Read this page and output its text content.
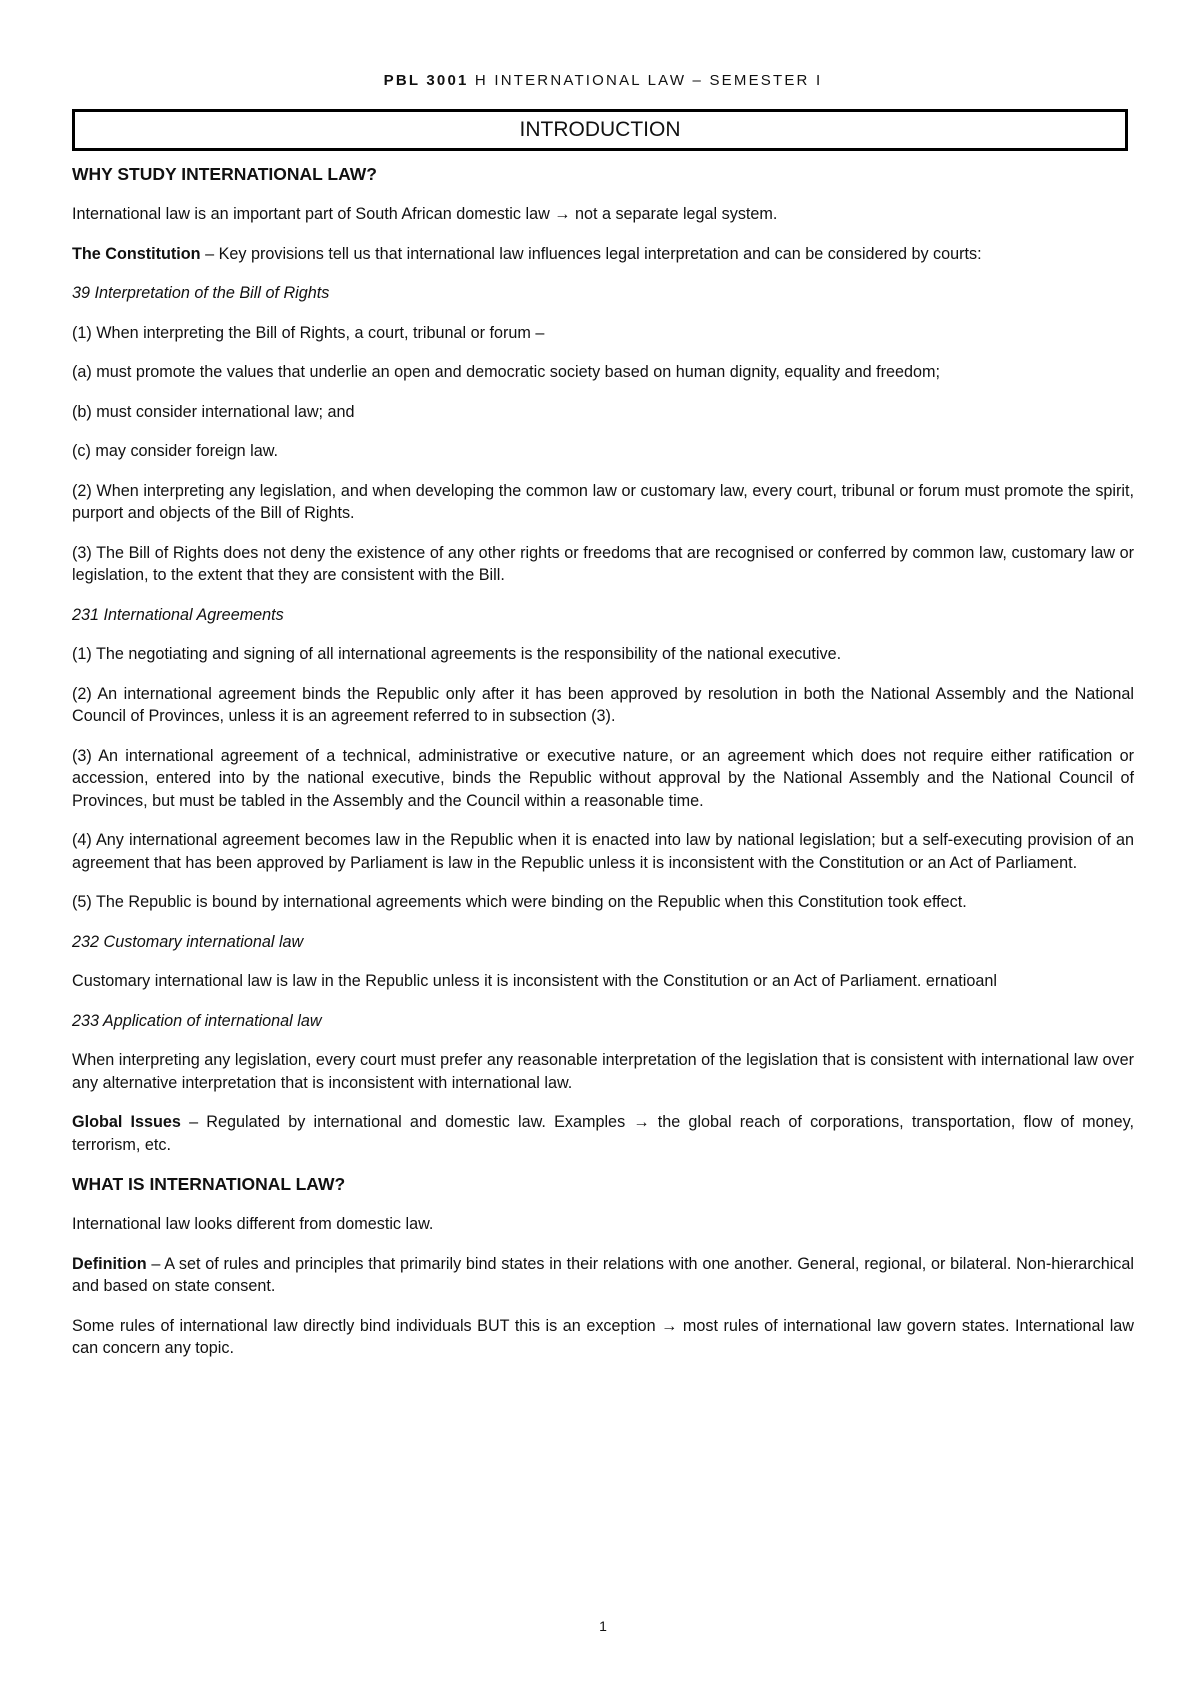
PBL 3001 H INTERNATIONAL LAW – SEMESTER I
INTRODUCTION
WHY STUDY INTERNATIONAL LAW?

International law is an important part of South African domestic law → not a separate legal system.

The Constitution – Key provisions tell us that international law influences legal interpretation and can be considered by courts:

39 Interpretation of the Bill of Rights

(1) When interpreting the Bill of Rights, a court, tribunal or forum –

(a) must promote the values that underlie an open and democratic society based on human dignity, equality and freedom;

(b) must consider international law; and

(c) may consider foreign law.

(2) When interpreting any legislation, and when developing the common law or customary law, every court, tribunal or forum must promote the spirit, purport and objects of the Bill of Rights.

(3) The Bill of Rights does not deny the existence of any other rights or freedoms that are recognised or conferred by common law, customary law or legislation, to the extent that they are consistent with the Bill.

231 International Agreements

(1) The negotiating and signing of all international agreements is the responsibility of the national executive.

(2) An international agreement binds the Republic only after it has been approved by resolution in both the National Assembly and the National Council of Provinces, unless it is an agreement referred to in subsection (3).

(3) An international agreement of a technical, administrative or executive nature, or an agreement which does not require either ratification or accession, entered into by the national executive, binds the Republic without approval by the National Assembly and the National Council of Provinces, but must be tabled in the Assembly and the Council within a reasonable time.

(4) Any international agreement becomes law in the Republic when it is enacted into law by national legislation; but a self-executing provision of an agreement that has been approved by Parliament is law in the Republic unless it is inconsistent with the Constitution or an Act of Parliament.

(5) The Republic is bound by international agreements which were binding on the Republic when this Constitution took effect.

232 Customary international law

Customary international law is law in the Republic unless it is inconsistent with the Constitution or an Act of Parliament. ernatioanl

233 Application of international law

When interpreting any legislation, every court must prefer any reasonable interpretation of the legislation that is consistent with international law over any alternative interpretation that is inconsistent with international law.

Global Issues – Regulated by international and domestic law. Examples → the global reach of corporations, transportation, flow of money, terrorism, etc.

WHAT IS INTERNATIONAL LAW?

International law looks different from domestic law.

Definition – A set of rules and principles that primarily bind states in their relations with one another. General, regional, or bilateral. Non-hierarchical and based on state consent.

Some rules of international law directly bind individuals BUT this is an exception → most rules of international law govern states. International law can concern any topic.

1
